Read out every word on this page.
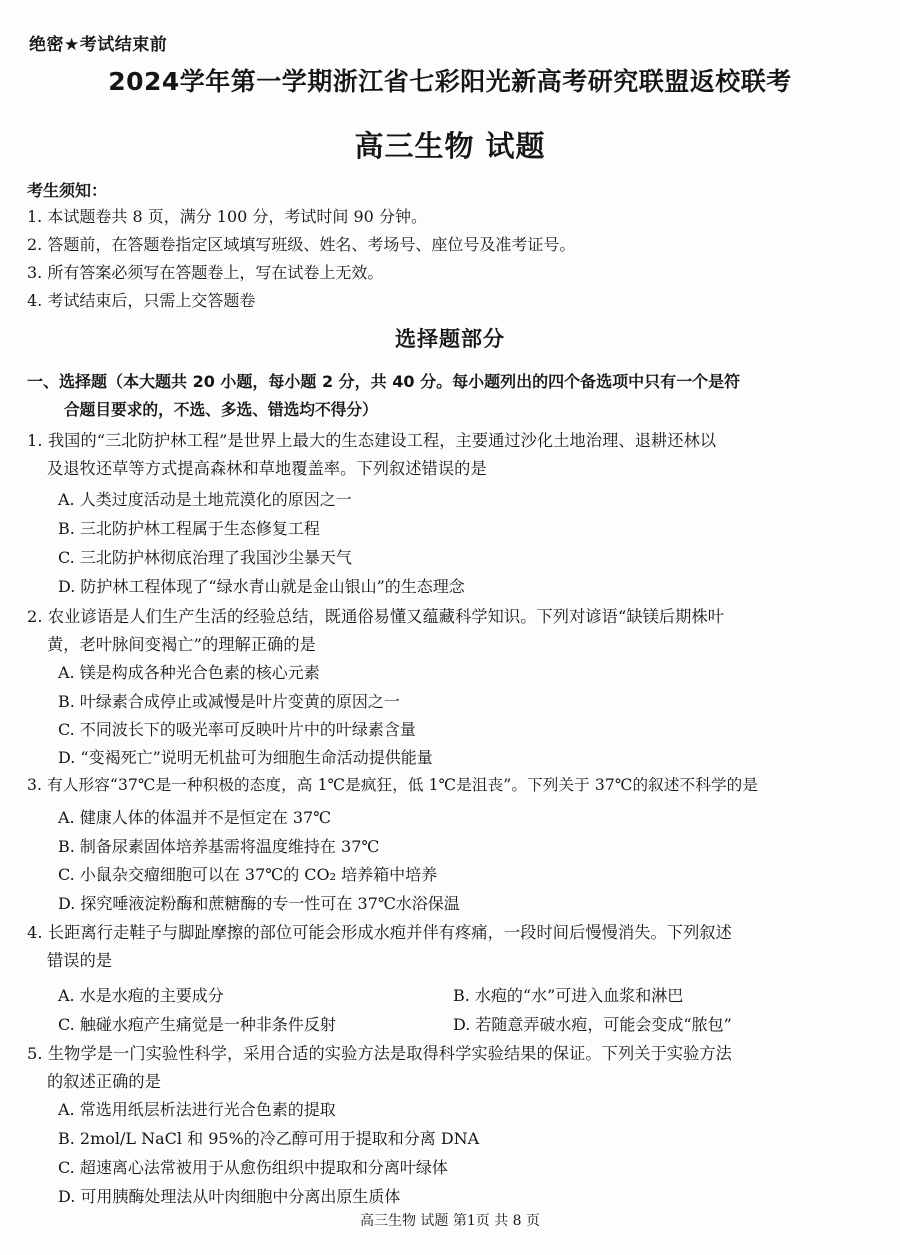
绝密★考试结束前
2024学年第一学期浙江省七彩阳光新高考研究联盟返校联考
高三生物 试题
考生须知：
1. 本试题卷共 8 页，满分 100 分，考试时间 90 分钟。
2. 答题前，在答题卷指定区域填写班级、姓名、考场号、座位号及准考证号。
3. 所有答案必须写在答题卷上，写在试卷上无效。
4. 考试结束后，只需上交答题卷
选择题部分
一、选择题（本大题共 20 小题，每小题 2 分，共 40 分。每小题列出的四个备选项中只有一个是符
合题目要求的，不选、多选、错选均不得分）
1. 我国的“三北防护林工程”是世界上最大的生态建设工程，主要通过沙化土地治理、退耕还林以
及退牧还草等方式提高森林和草地覆盖率。下列叙述错误的是
A. 人类过度活动是土地荒漠化的原因之一
B. 三北防护林工程属于生态修复工程
C. 三北防护林彻底治理了我国沙尘暴天气
D. 防护林工程体现了“绿水青山就是金山银山”的生态理念
2. 农业谚语是人们生产生活的经验总结，既通俗易懂又蕴藏科学知识。下列对谚语“缺镁后期株叶
黄，老叶脉间变褐亡”的理解正确的是
A. 镁是构成各种光合色素的核心元素
B. 叶绿素合成停止或减慢是叶片变黄的原因之一
C. 不同波长下的吸光率可反映叶片中的叶绿素含量
D. “变褐死亡”说明无机盐可为细胞生命活动提供能量
3. 有人形容“37℃是一种积极的态度，高 1℃是疯狂，低 1℃是沮丧”。下列关于 37℃的叙述不科学的是
A. 健康人体的体温并不是恒定在 37℃
B. 制备尿素固体培养基需将温度维持在 37℃
C. 小鼠杂交瘤细胞可以在 37℃的 CO₂ 培养箱中培养
D. 探究唾液淀粉酶和蔗糖酶的专一性可在 37℃水浴保温
4. 长距离行走鞋子与脚趾摩擦的部位可能会形成水疱并伴有疼痛，一段时间后慢慢消失。下列叙述
错误的是
A. 水是水疱的主要成分	B. 水疱的“水”可进入血浆和淋巴
C. 触碰水疱产生痛觉是一种非条件反射	D. 若随意弄破水疱，可能会变成“脓包”
5. 生物学是一门实验性科学，采用合适的实验方法是取得科学实验结果的保证。下列关于实验方法
的叙述正确的是
A. 常选用纸层析法进行光合色素的提取
B. 2mol/L NaCl 和 95%的冷乙醇可用于提取和分离 DNA
C. 超速离心法常被用于从愈伤组织中提取和分离叶绿体
D. 可用胰酶处理法从叶肉细胞中分离出原生质体
高三生物 试题 第1页 共 8 页
